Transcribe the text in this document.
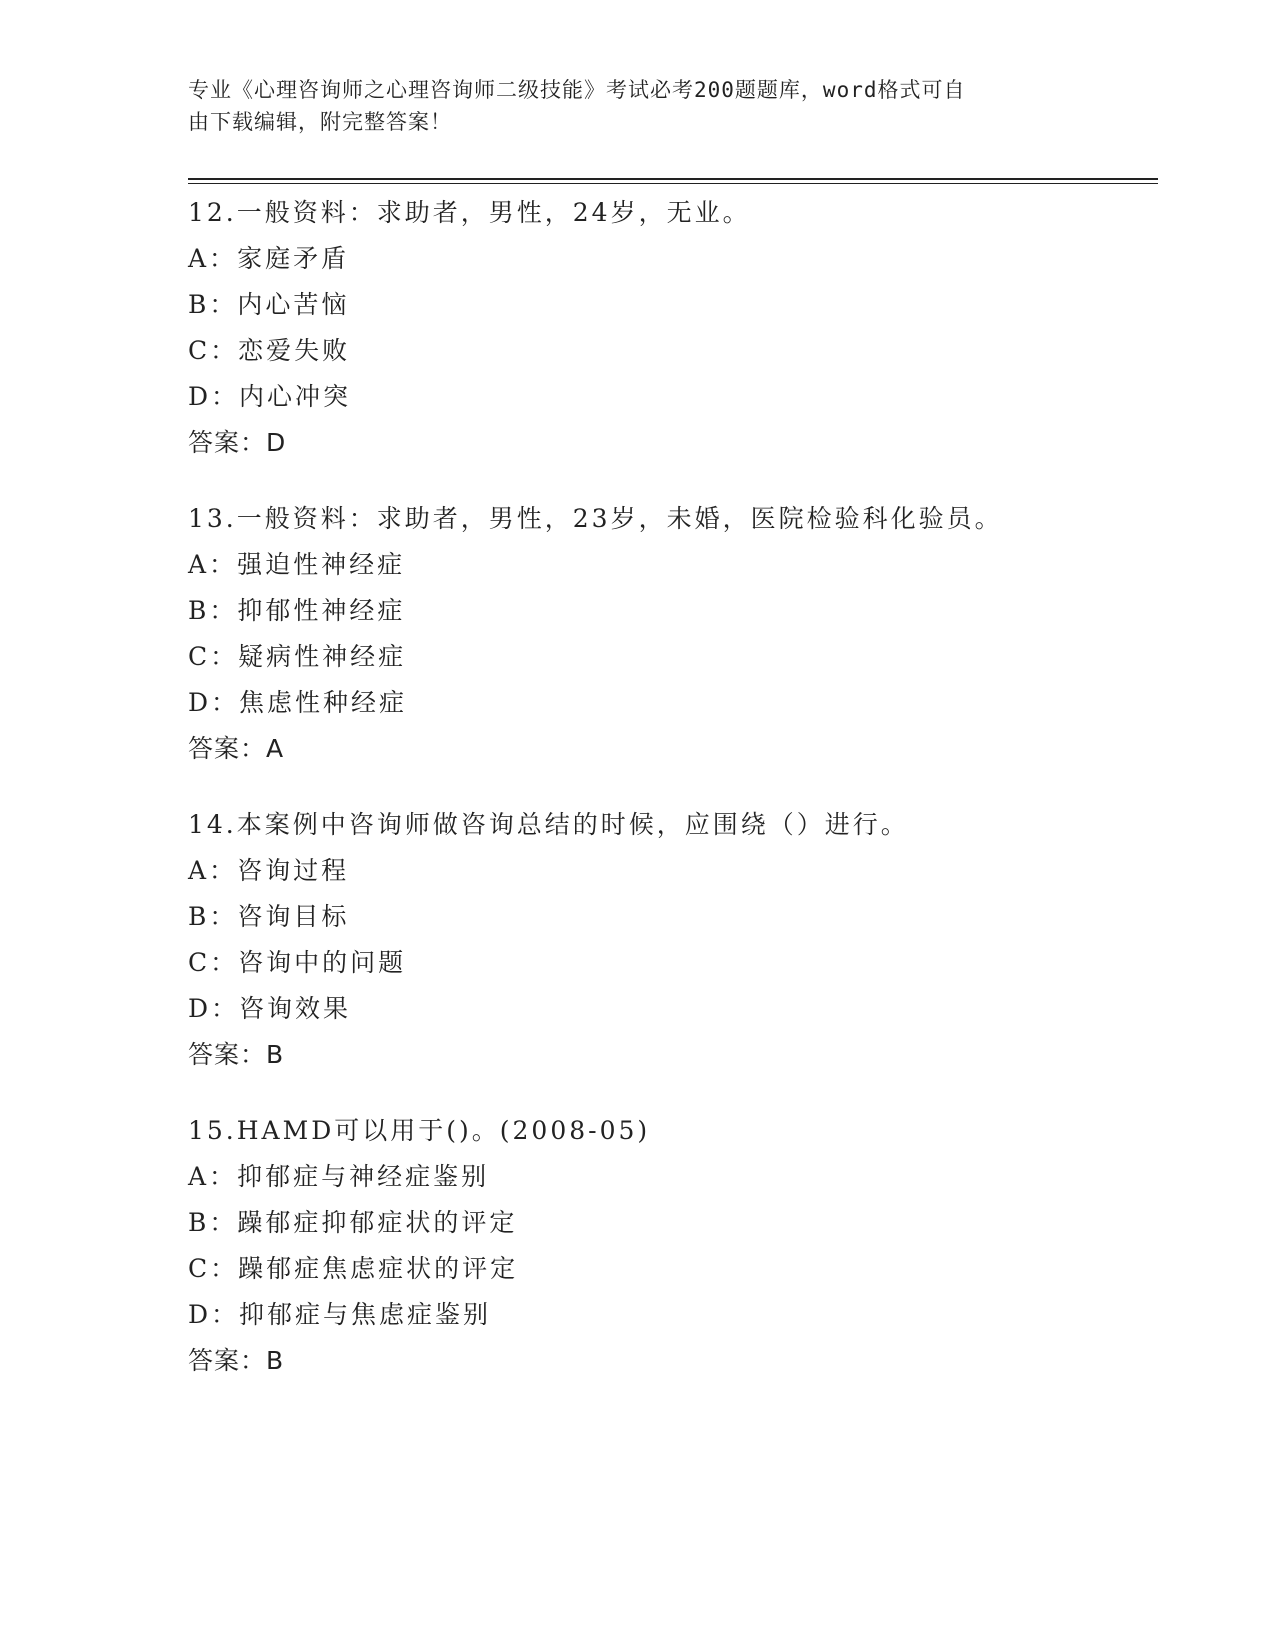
专业《心理咨询师之心理咨询师二级技能》考试必考200题题库，word格式可自

由下载编辑，附完整答案！

12.一般资料：求助者，男性，24岁，无业。
A：家庭矛盾
B：内心苦恼
C：恋爱失败
D：内心冲突
答案：D
13.一般资料：求助者，男性，23岁，未婚，医院检验科化验员。
A：强迫性神经症
B：抑郁性神经症
C：疑病性神经症
D：焦虑性种经症
答案：A
14.本案例中咨询师做咨询总结的时候，应围绕（）进行。
A：咨询过程
B：咨询目标
C：咨询中的问题
D：咨询效果
答案：B
15.HAMD可以用于()。(2008-05)
A：抑郁症与神经症鉴别
B：躁郁症抑郁症状的评定
C：躁郁症焦虑症状的评定
D：抑郁症与焦虑症鉴别
答案：B
